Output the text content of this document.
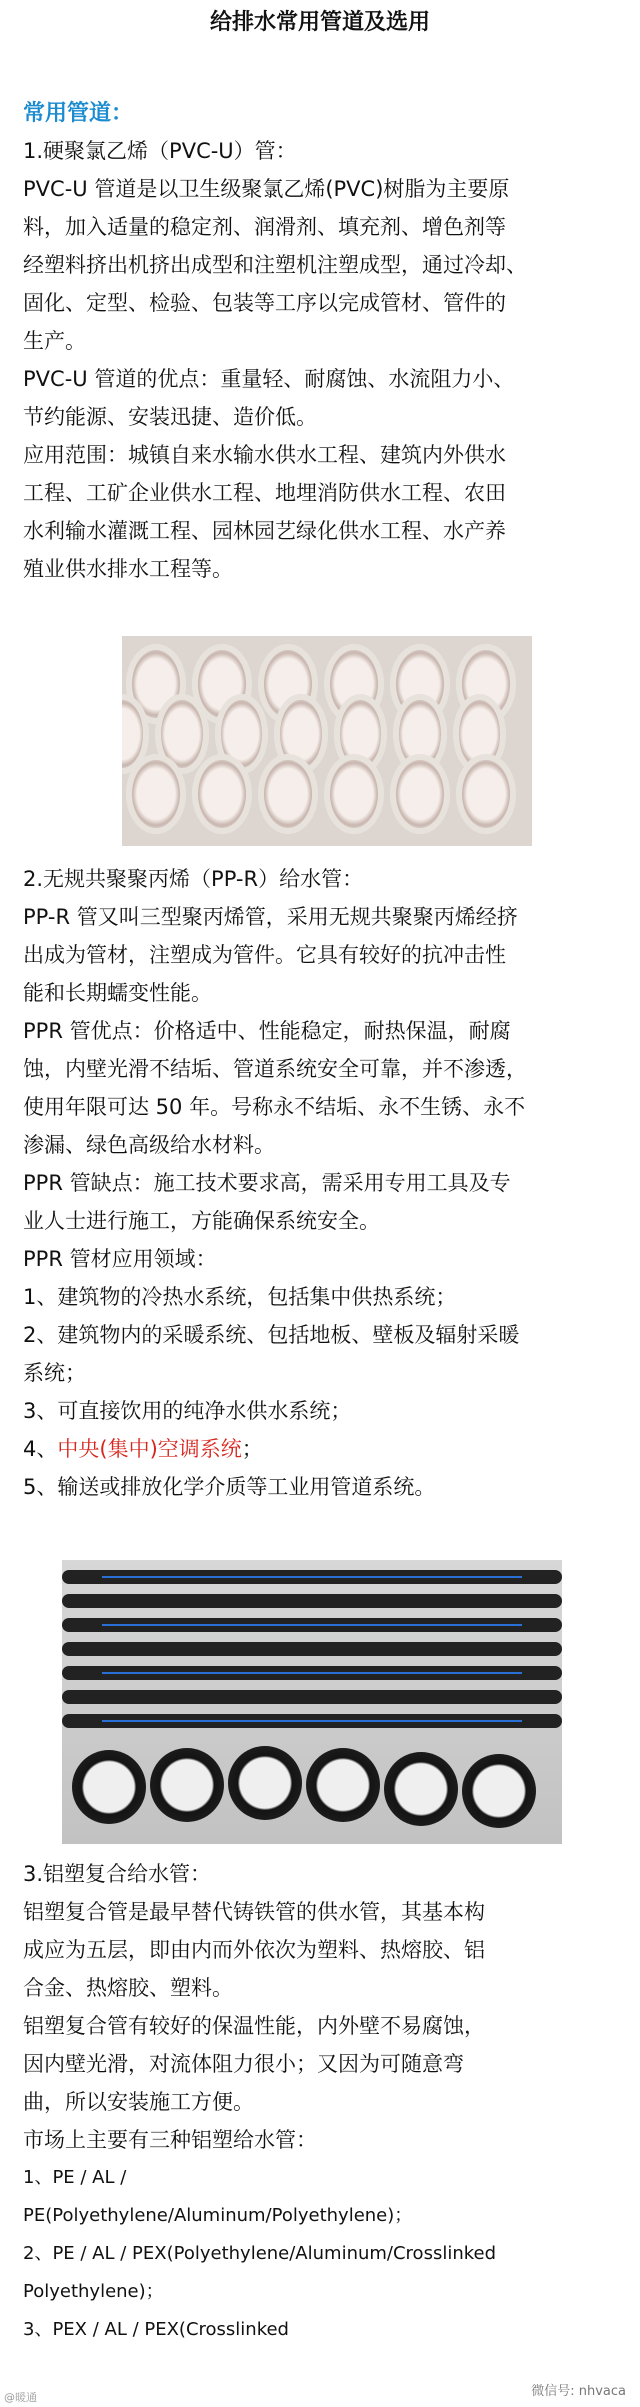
给排水常用管道及选用
常用管道：

1.硬聚氯乙烯（PVC-U）管：

PVC-U 管道是以卫生级聚氯乙烯(PVC)树脂为主要原

料，加入适量的稳定剂、润滑剂、填充剂、增色剂等

经塑料挤出机挤出成型和注塑机注塑成型，通过冷却、

固化、定型、检验、包装等工序以完成管材、管件的

生产。

PVC-U 管道的优点：重量轻、耐腐蚀、水流阻力小、

节约能源、安装迅捷、造价低。

应用范围：城镇自来水输水供水工程、建筑内外供水

工程、工矿企业供水工程、地埋消防供水工程、农田

水利输水灌溉工程、园林园艺绿化供水工程、水产养

殖业供水排水工程等。

2.无规共聚聚丙烯（PP-R）给水管：

PP-R 管又叫三型聚丙烯管，采用无规共聚聚丙烯经挤

出成为管材，注塑成为管件。它具有较好的抗冲击性

能和长期蠕变性能。

PPR 管优点：价格适中、性能稳定，耐热保温，耐腐

蚀，内壁光滑不结垢、管道系统安全可靠，并不渗透，

使用年限可达 50 年。号称永不结垢、永不生锈、永不

渗漏、绿色高级给水材料。

PPR 管缺点：施工技术要求高，需采用专用工具及专

业人士进行施工，方能确保系统安全。

PPR 管材应用领域：

1、建筑物的冷热水系统，包括集中供热系统；

2、建筑物内的采暖系统、包括地板、壁板及辐射采暖

系统；

3、可直接饮用的纯净水供水系统；

4、中央(集中)空调系统；

5、输送或排放化学介质等工业用管道系统。

3.铝塑复合给水管：

铝塑复合管是最早替代铸铁管的供水管，其基本构

成应为五层，即由内而外依次为塑料、热熔胶、铝

合金、热熔胶、塑料。

铝塑复合管有较好的保温性能，内外壁不易腐蚀，

因内壁光滑，对流体阻力很小；又因为可随意弯

曲，所以安装施工方便。

市场上主要有三种铝塑给水管：

1、PE / AL /

PE(Polyethylene/Aluminum/Polyethylene)；

2、PE / AL / PEX(Polyethylene/Aluminum/Crosslinked

Polyethylene)；

3、PEX / AL / PEX(Crosslinked

微信号: nhvaca
@暖通
